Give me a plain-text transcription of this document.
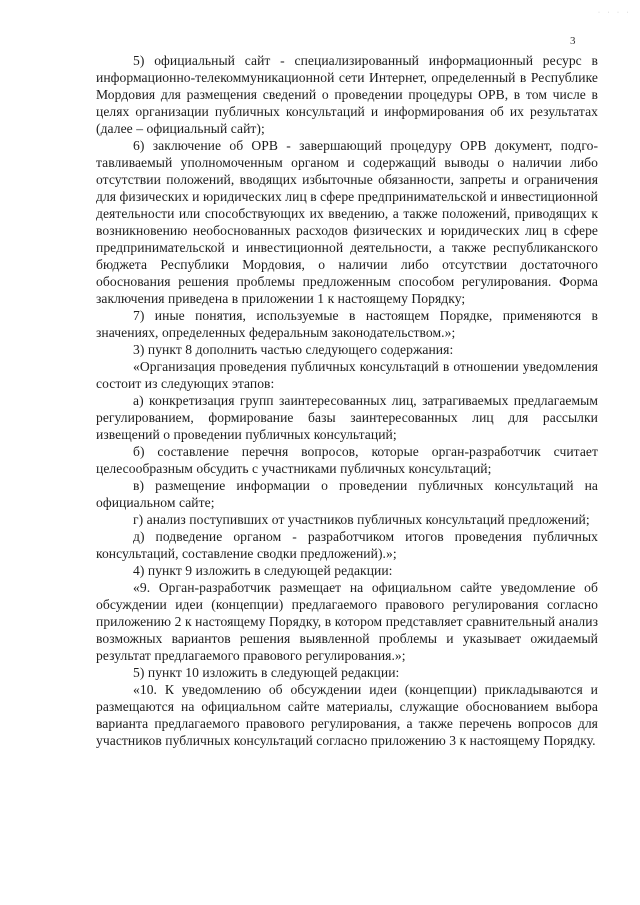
· · · ·
3

5) официальный сайт - специализированный информационный ресурс в информационно-телекоммуникационной сети Интернет, определенный в Республике Мордовия для размещения сведений о проведении процедуры ОРВ, в том числе в целях организации публичных консультаций и информирования об их результатах (далее – официальный сайт);

6) заключение об ОРВ - завершающий процедуру ОРВ документ, подготавливаемый уполномоченным органом и содержащий выводы о наличии либо отсутствии положений, вводящих избыточные обязанности, запреты и ограничения для физических и юридических лиц в сфере предпринимательской и инвестиционной деятельности или способствующих их введению, а также положений, приводящих к возникновению необоснованных расходов физических и юридических лиц в сфере предпринимательской и инвестиционной деятельности, а также республиканского бюджета Республики Мордовия, о наличии либо отсутствии достаточного обоснования решения проблемы предложенным способом регулирования. Форма заключения приведена в приложении 1 к настоящему Порядку;

7) иные понятия, используемые в настоящем Порядке, применяются в значениях, определенных федеральным законодательством.»;

3) пункт 8 дополнить частью следующего содержания:

«Организация проведения публичных консультаций в отношении уведомления состоит из следующих этапов:

а) конкретизация групп заинтересованных лиц, затрагиваемых предлагаемым регулированием, формирование базы заинтересованных лиц для рассылки извещений о проведении публичных консультаций;

б) составление перечня вопросов, которые орган-разработчик считает целесообразным обсудить с участниками публичных консультаций;

в) размещение информации о проведении публичных консультаций на официальном сайте;

г) анализ поступивших от участников публичных консультаций предложений;

д) подведение органом - разработчиком итогов проведения публичных консультаций, составление сводки предложений).»;

4) пункт 9 изложить в следующей редакции:

«9. Орган-разработчик размещает на официальном сайте уведомление об обсуждении идеи (концепции) предлагаемого правового регулирования согласно приложению 2 к настоящему Порядку, в котором представляет сравнительный анализ возможных вариантов решения выявленной проблемы и указывает ожидаемый результат предлагаемого правового регулирования.»;

5) пункт 10 изложить в следующей редакции:

«10. К уведомлению об обсуждении идеи (концепции) прикладываются и размещаются на официальном сайте материалы, служащие обоснованием выбора варианта предлагаемого правового регулирования, а также перечень вопросов для участников публичных консультаций согласно приложению 3 к настоящему Порядку.
